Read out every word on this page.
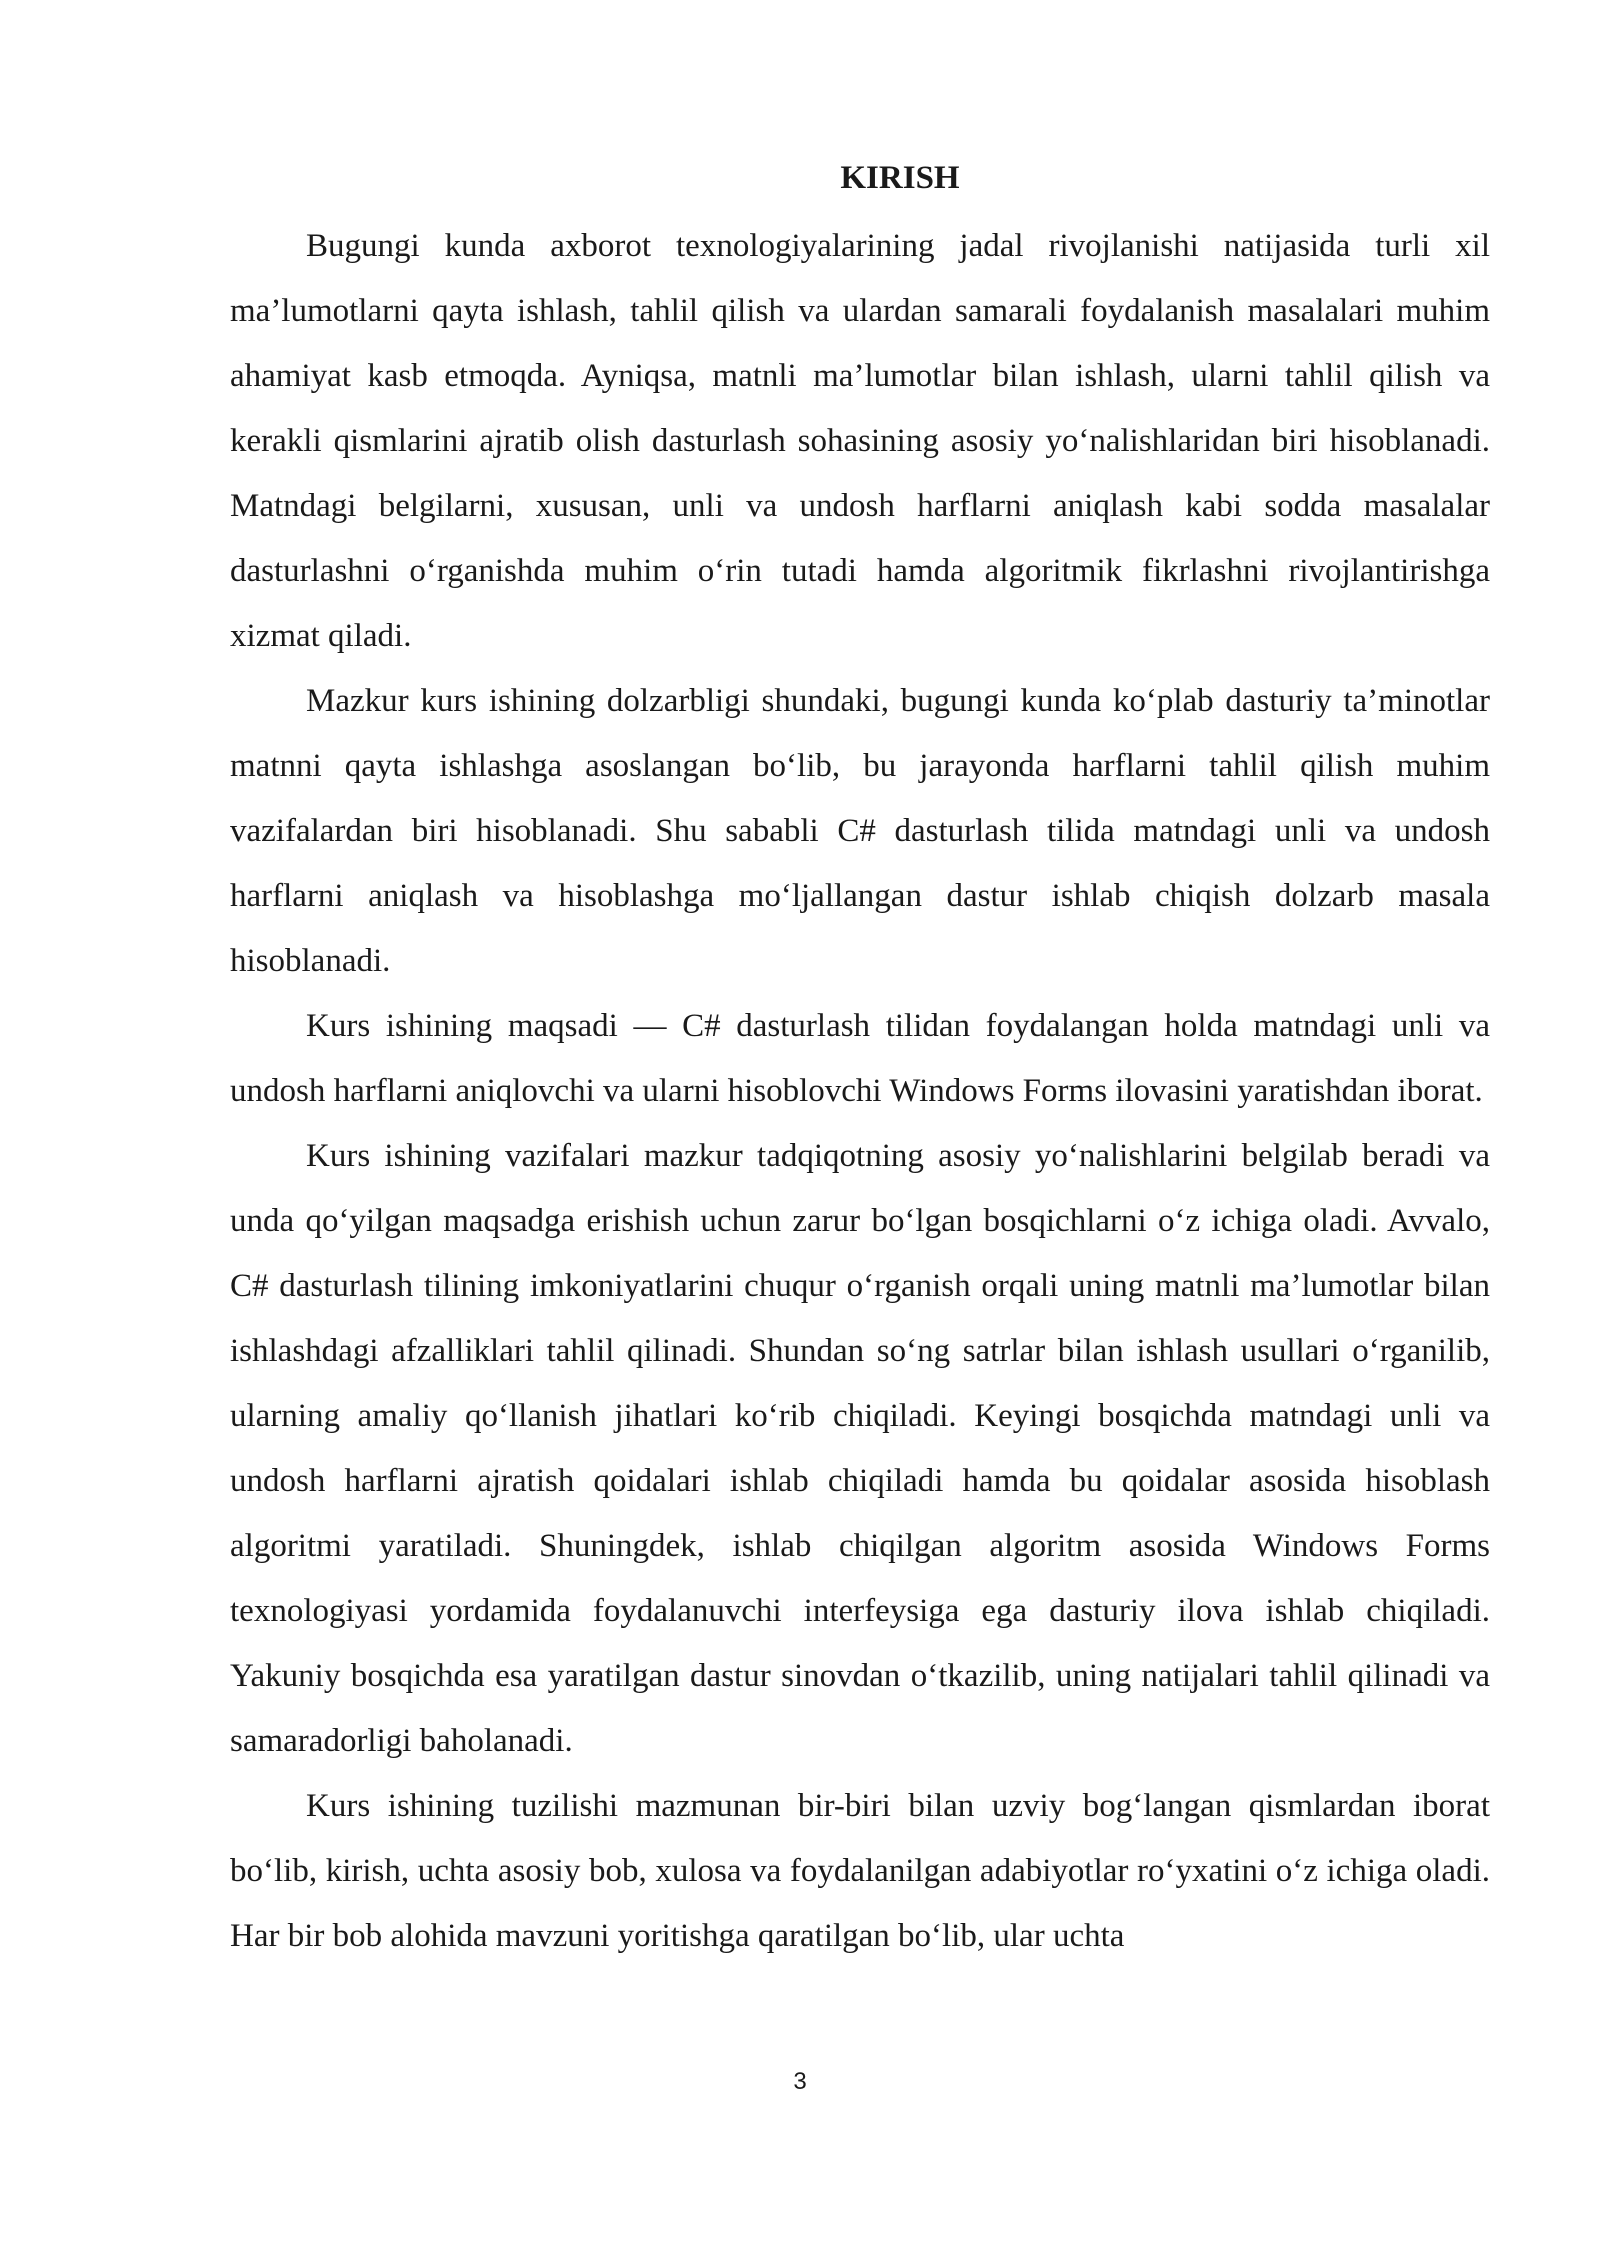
KIRISH

Bugungi kunda axborot texnologiyalarining jadal rivojlanishi natijasida turli xil ma’lumotlarni qayta ishlash, tahlil qilish va ulardan samarali foydalanish masalalari muhim ahamiyat kasb etmoqda. Ayniqsa, matnli ma’lumotlar bilan ishlash, ularni tahlil qilish va kerakli qismlarini ajratib olish dasturlash sohasining asosiy yo‘nalishlaridan biri hisoblanadi. Matndagi belgilarni, xususan, unli va undosh harflarni aniqlash kabi sodda masalalar dasturlashni o‘rganishda muhim o‘rin tutadi hamda algoritmik fikrlashni rivojlantirishga xizmat qiladi.

Mazkur kurs ishining dolzarbligi shundaki, bugungi kunda ko‘plab dasturiy ta’minotlar matnni qayta ishlashga asoslangan bo‘lib, bu jarayonda harflarni tahlil qilish muhim vazifalardan biri hisoblanadi. Shu sababli C# dasturlash tilida matndagi unli va undosh harflarni aniqlash va hisoblashga mo‘ljallangan dastur ishlab chiqish dolzarb masala hisoblanadi.

Kurs ishining maqsadi — C# dasturlash tilidan foydalangan holda matndagi unli va undosh harflarni aniqlovchi va ularni hisoblovchi Windows Forms ilovasini yaratishdan iborat.

Kurs ishining vazifalari mazkur tadqiqotning asosiy yo‘nalishlarini belgilab beradi va unda qo‘yilgan maqsadga erishish uchun zarur bo‘lgan bosqichlarni o‘z ichiga oladi. Avvalo, C# dasturlash tilining imkoniyatlarini chuqur o‘rganish orqali uning matnli ma’lumotlar bilan ishlashdagi afzalliklari tahlil qilinadi. Shundan so‘ng satrlar bilan ishlash usullari o‘rganilib, ularning amaliy qo‘llanish jihatlari ko‘rib chiqiladi. Keyingi bosqichda matndagi unli va undosh harflarni ajratish qoidalari ishlab chiqiladi hamda bu qoidalar asosida hisoblash algoritmi yaratiladi. Shuningdek, ishlab chiqilgan algoritm asosida Windows Forms texnologiyasi yordamida foydalanuvchi interfeysiga ega dasturiy ilova ishlab chiqiladi. Yakuniy bosqichda esa yaratilgan dastur sinovdan o‘tkazilib, uning natijalari tahlil qilinadi va samaradorligi baholanadi.

Kurs ishining tuzilishi mazmunan bir-biri bilan uzviy bog‘langan qismlardan iborat bo‘lib, kirish, uchta asosiy bob, xulosa va foydalanilgan adabiyotlar ro‘yxatini o‘z ichiga oladi. Har bir bob alohida mavzuni yoritishga qaratilgan bo‘lib, ular uchta

3
